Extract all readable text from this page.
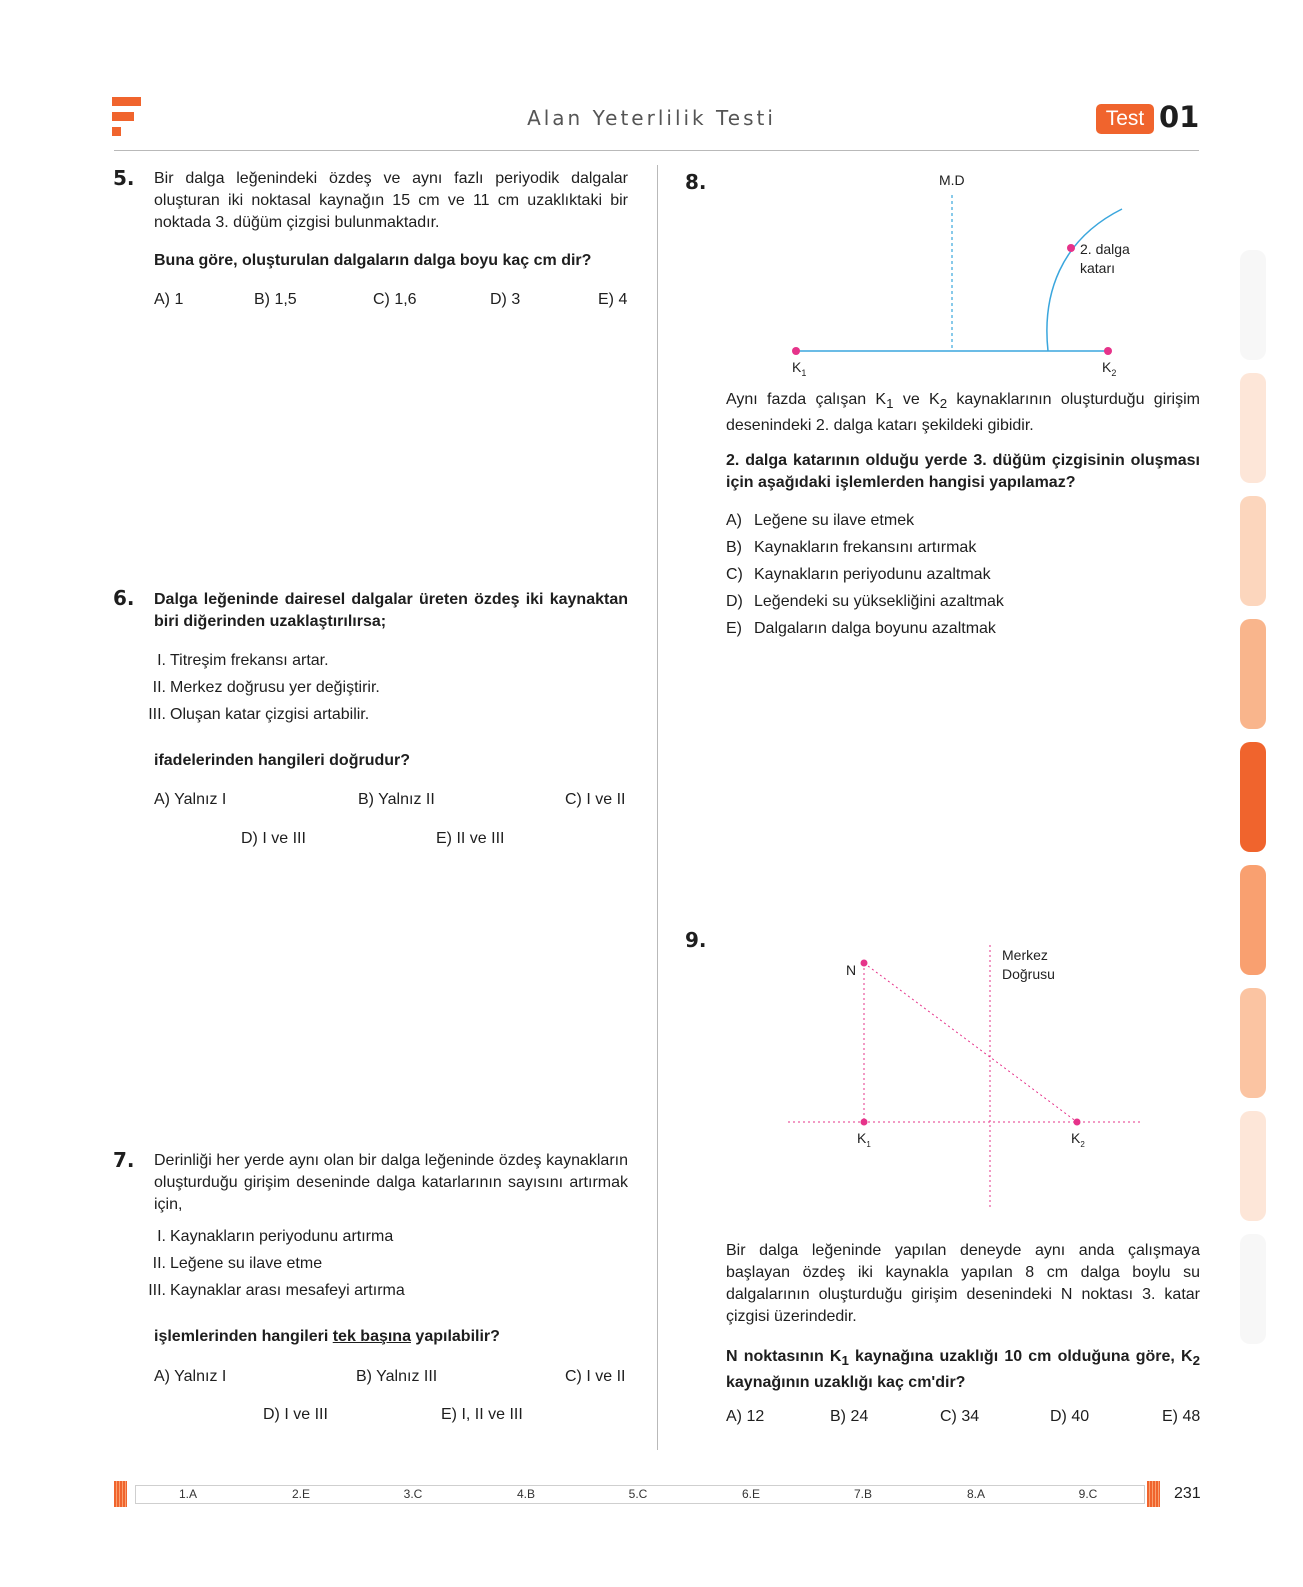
Alan Yeterlilik Testi	Test 01
5. Bir dalga leğenindeki özdeş ve aynı fazlı periyodik dalgalar oluşturan iki noktasal kaynağın 15 cm ve 11 cm uzaklıktaki bir noktada 3. düğüm çizgisi bulunmaktadır.
Buna göre, oluşturulan dalgaların dalga boyu kaç cm dir?
A) 1	B) 1,5	C) 1,6	D) 3	E) 4
6. Dalga leğeninde dairesel dalgalar üreten özdeş iki kaynaktan biri diğerinden uzaklaştırılırsa;
I. Titreşim frekansı artar.
II. Merkez doğrusu yer değiştirir.
III. Oluşan katar çizgisi artabilir.
ifadelerinden hangileri doğrudur?
A) Yalnız I	B) Yalnız II	C) I ve II
D) I ve III	E) II ve III
7. Derinliği her yerde aynı olan bir dalga leğeninde özdeş kaynakların oluşturduğu girişim deseninde dalga katarlarının sayısını artırmak için,
I. Kaynakların periyodunu artırma
II. Leğene su ilave etme
III. Kaynaklar arası mesafeyi artırma
işlemlerinden hangileri tek başına yapılabilir?
A) Yalnız I	B) Yalnız III	C) I ve II
D) I ve III	E) I, II ve III
8.	M.D
2. dalga
katarı
$K_1$	$K_2$
Aynı fazda çalışan $K_1$ ve $K_2$ kaynaklarının oluşturduğu girişim desenindeki 2. dalga katarı şekildeki gibidir.
2. dalga katarının olduğu yerde 3. düğüm çizgisinin oluşması için aşağıdaki işlemlerden hangisi yapılamaz?
A) Leğene su ilave etmek
B) Kaynakların frekansını artırmak
C) Kaynakların periyodunu azaltmak
D) Leğendeki su yüksekliğini azaltmak
E) Dalgaların dalga boyunu azaltmak
9.
N
Merkez
Doğrusu
$K_1$	$K_2$
Bir dalga leğeninde yapılan deneyde aynı anda çalışmaya başlayan özdeş iki kaynakla yapılan 8 cm dalga boylu su dalgalarının oluşturduğu girişim desenindeki N noktası 3. katar çizgisi üzerindedir.
N noktasının $K_1$ kaynağına uzaklığı 10 cm olduğuna göre, $K_2$ kaynağının uzaklığı kaç cm'dir?
A) 12	B) 24	C) 34	D) 40	E) 48
1.A	2.E	3.C	4.B	5.C	6.E	7.B	8.A	9.C	231
